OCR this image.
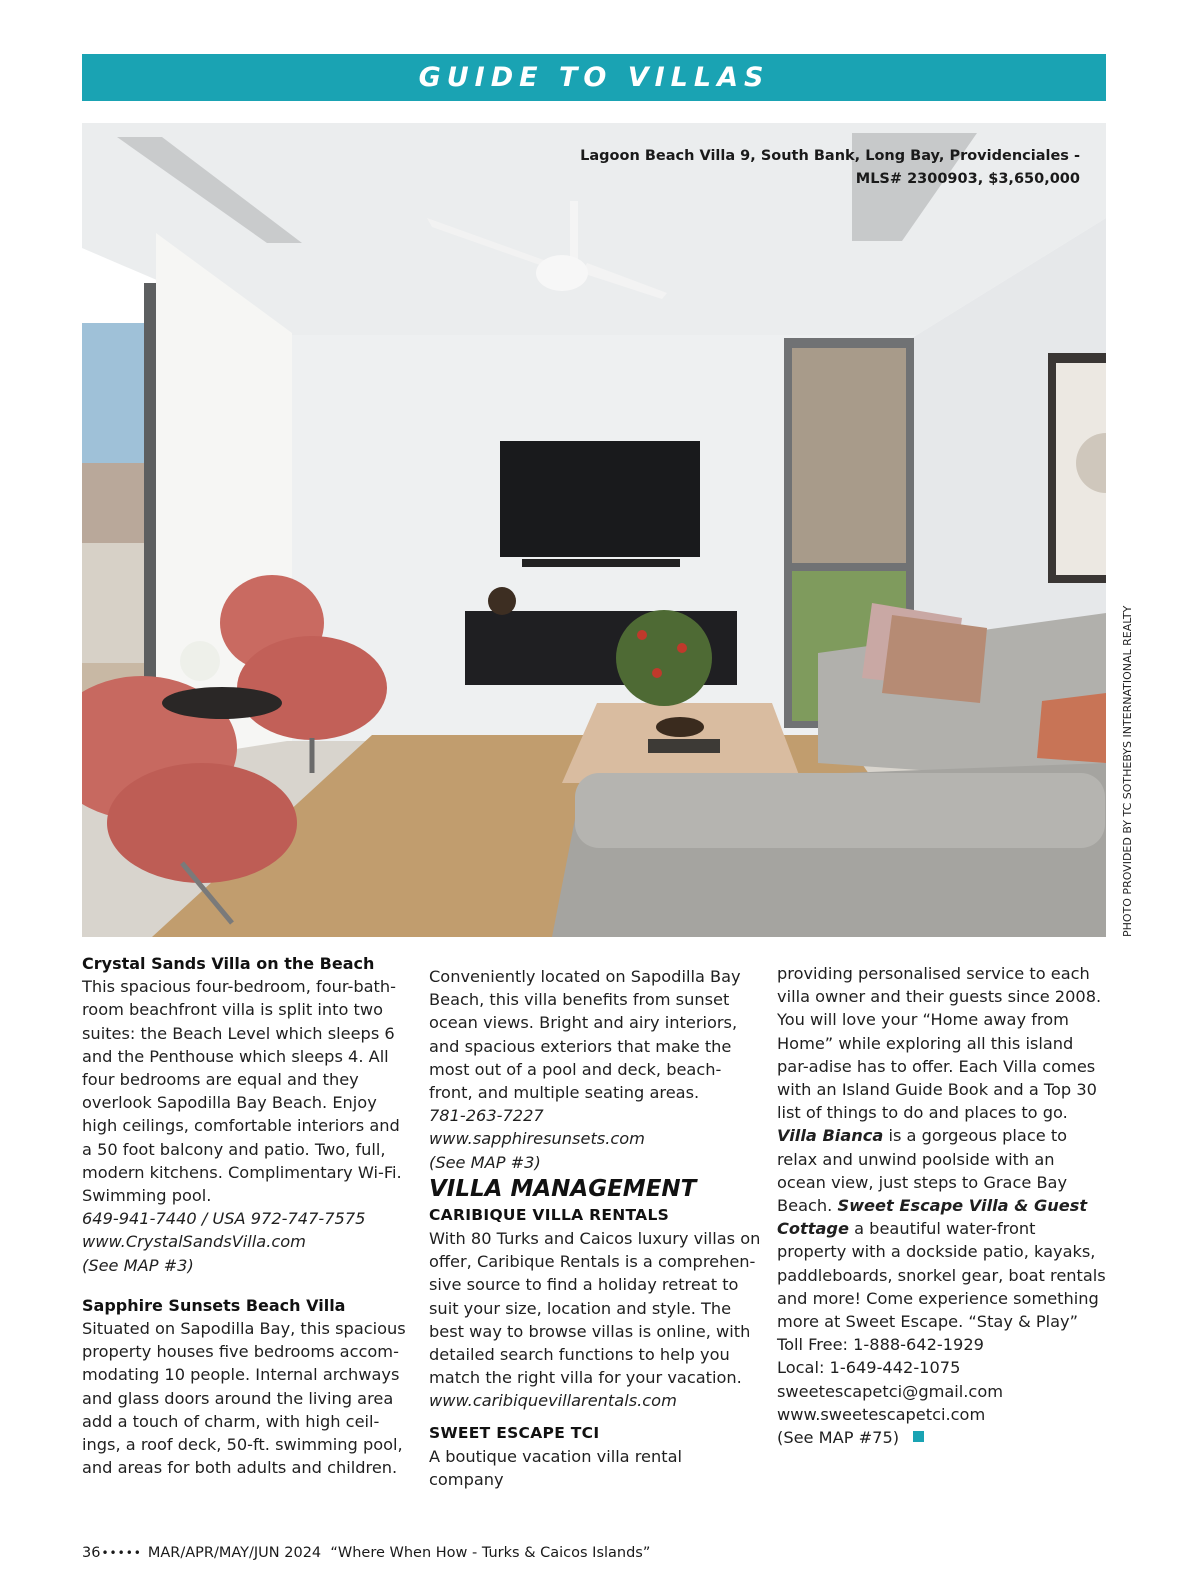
GUIDE TO VILLAS
Lagoon Beach Villa 9, South Bank, Long Bay, Providenciales -
MLS# 2300903, $3,650,000
PHOTO PROVIDED BY TC SOTHEBYS INTERNATIONAL REALTY

Crystal Sands Villa on the Beach

This spacious four-bedroom, four-bath-room beachfront villa is split into two suites: the Beach Level which sleeps 6 and the Penthouse which sleeps 4. All four bedrooms are equal and they overlook Sapodilla Bay Beach. Enjoy high ceilings, comfortable interiors and a 50 foot balcony and patio. Two, full, modern kitchens. Complimentary Wi-Fi. Swimming pool.

649-941-7440 / USA 972-747-7575

www.CrystalSandsVilla.com

(See MAP #3)

Sapphire Sunsets Beach Villa

Situated on Sapodilla Bay, this spacious property houses five bedrooms accom-modating 10 people. Internal archways and glass doors around the living area add a touch of charm, with high ceil-ings, a roof deck, 50-ft. swimming pool, and areas for both adults and children.

Conveniently located on Sapodilla Bay Beach, this villa benefits from sunset ocean views. Bright and airy interiors, and spacious exteriors that make the most out of a pool and deck, beach-front, and multiple seating areas.

781-263-7227 www.sapphiresunsets.com

(See MAP #3)

VILLA MANAGEMENT

CARIBIQUE VILLA RENTALS

With 80 Turks and Caicos luxury villas on offer, Caribique Rentals is a comprehen-sive source to find a holiday retreat to suit your size, location and style. The best way to browse villas is online, with detailed search functions to help you match the right villa for your vacation.

www.caribiquevillarentals.com

SWEET ESCAPE TCI

A boutique vacation villa rental company

providing personalised service to each villa owner and their guests since 2008. You will love your “Home away from Home” while exploring all this island par-adise has to offer. Each Villa comes with an Island Guide Book and a Top 30 list of things to do and places to go. Villa Bianca is a gorgeous place to relax and unwind poolside with an ocean view, just steps to Grace Bay Beach. Sweet Escape Villa & Guest Cottage a beautiful water-front property with a dockside patio, kayaks, paddleboards, snorkel gear, boat rentals and more! Come experience something more at Sweet Escape. “Stay & Play”

Toll Free: 1-888-642-1929

Local: 1-649-442-1075

sweetescapetci@gmail.com

www.sweetescapetci.com

(See MAP #75)

36••••• MAR/APR/MAY/JUN 2024 “Where When How - Turks & Caicos Islands”
